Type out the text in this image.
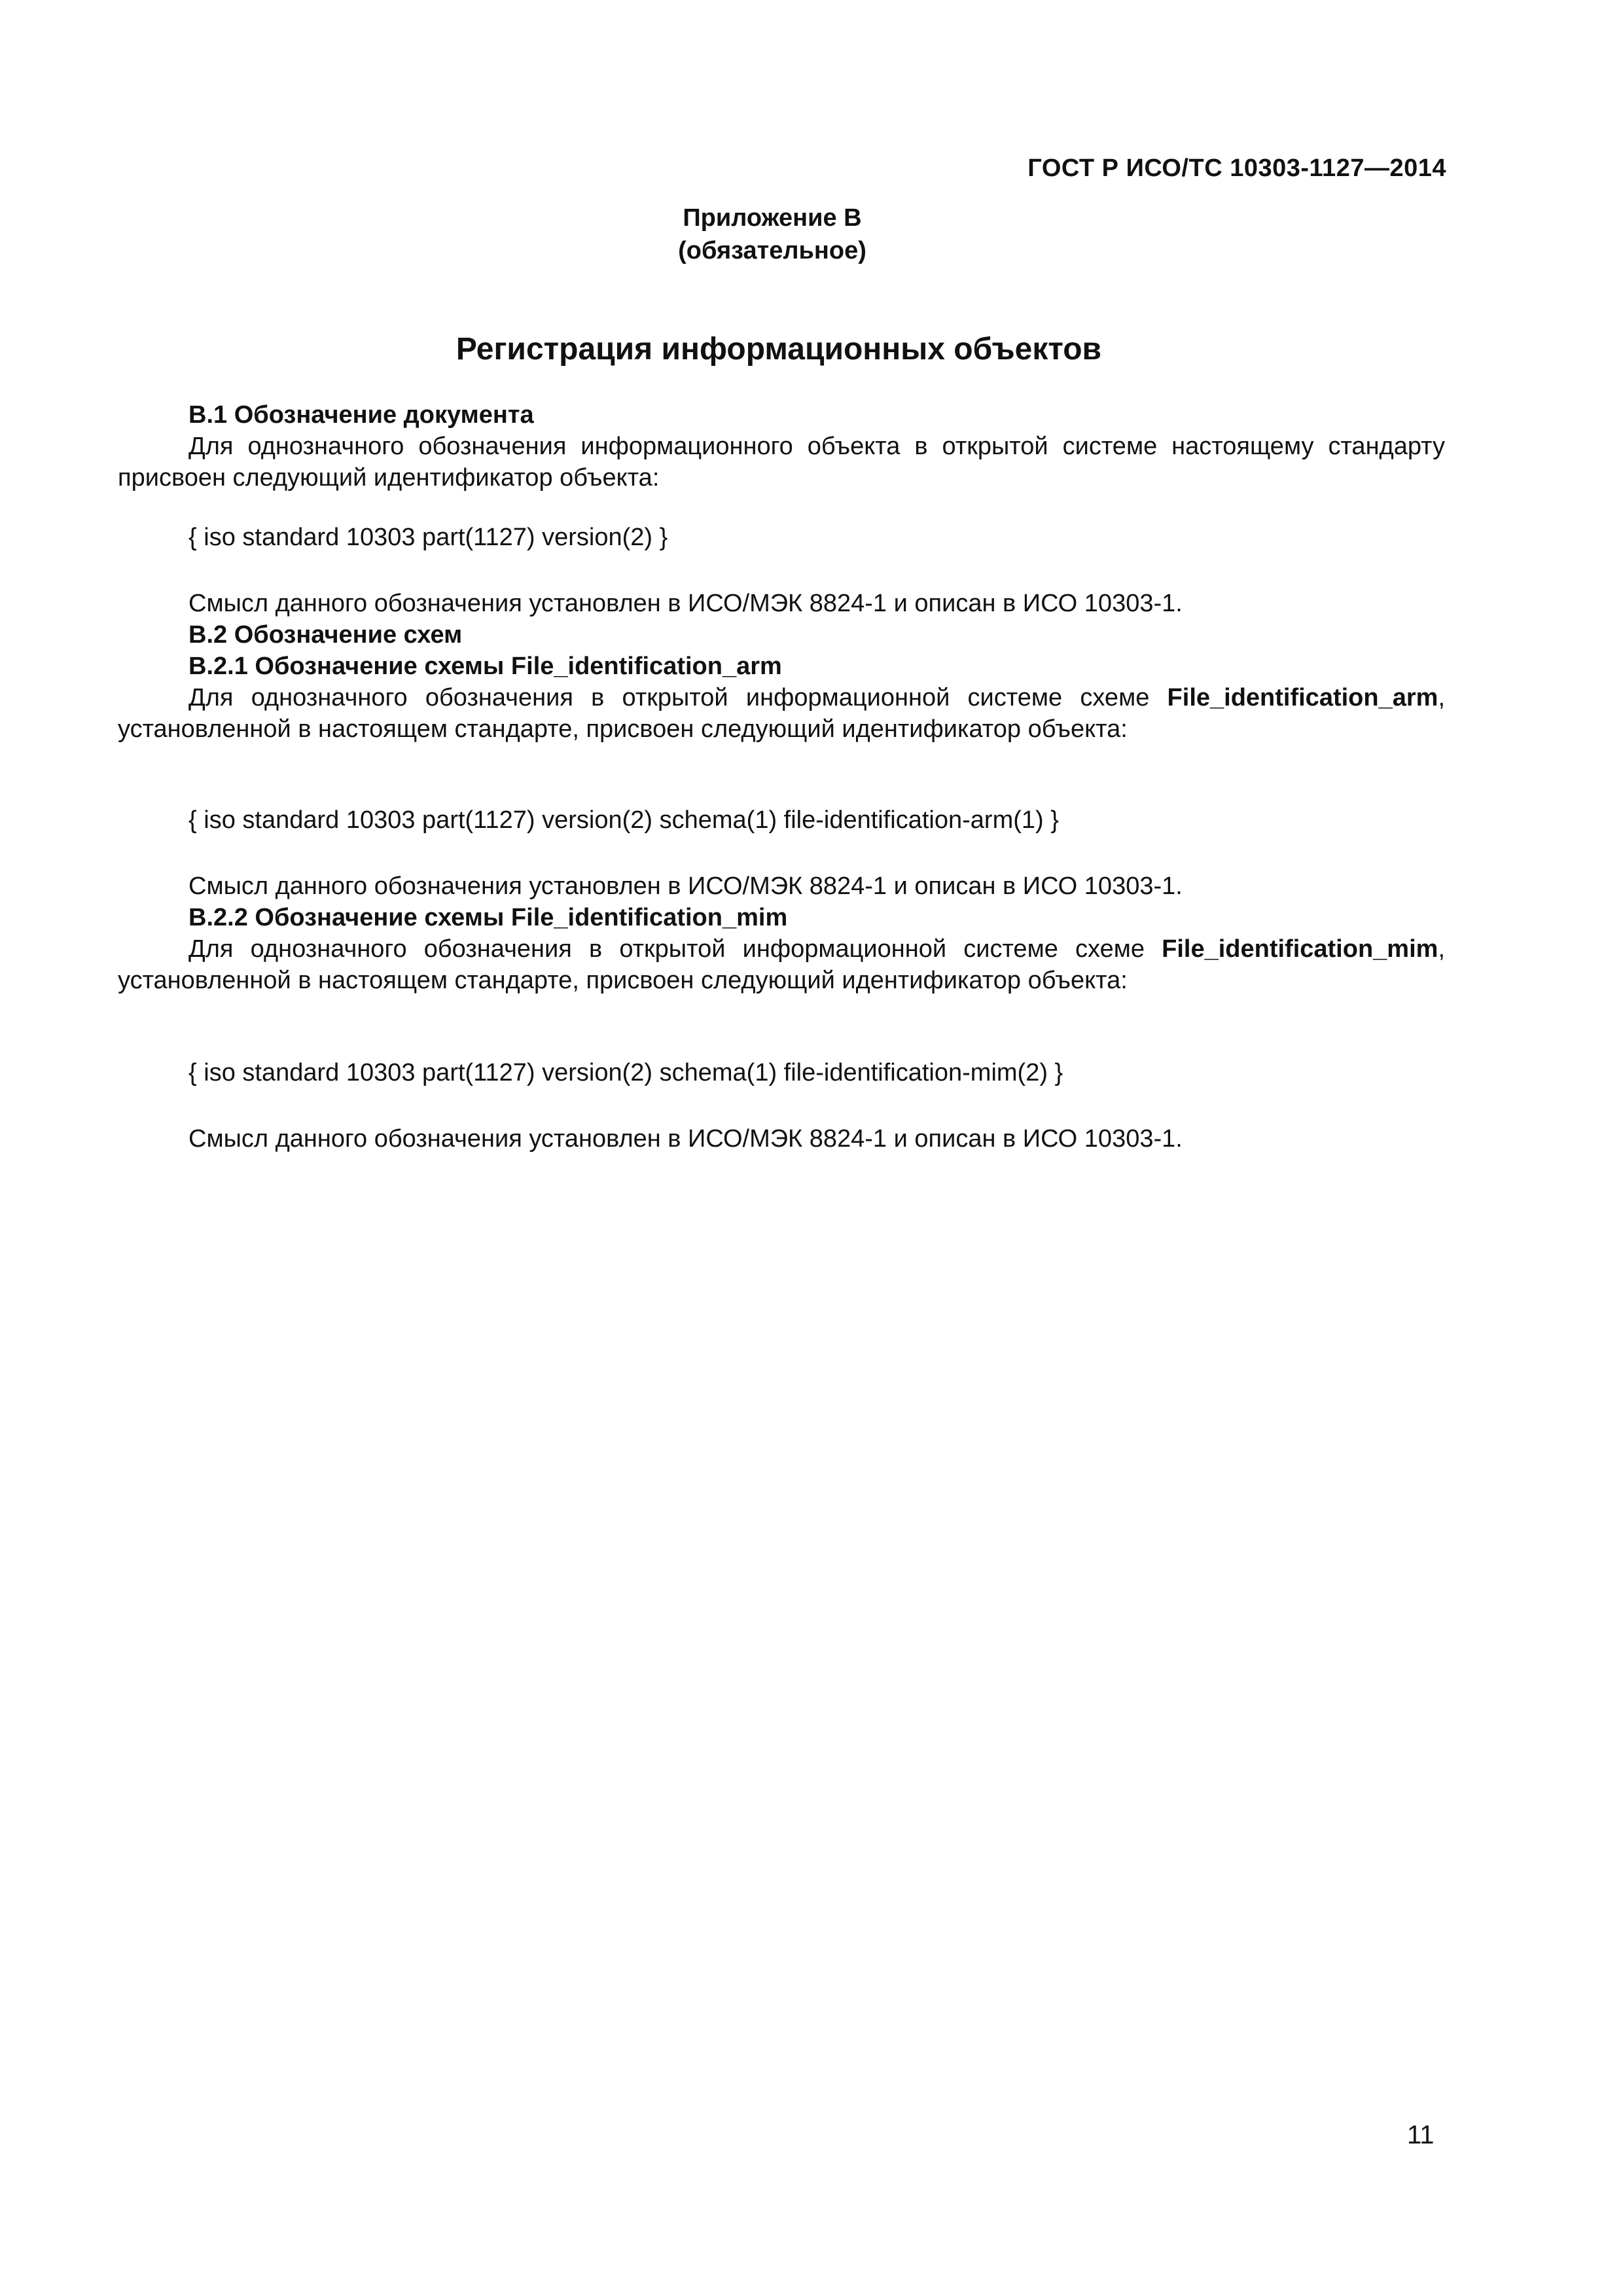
ГОСТ Р ИСО/ТС 10303-1127—2014
Приложение В
(обязательное)
Регистрация информационных объектов
В.1 Обозначение документа
Для однозначного обозначения информационного объекта в открытой системе настоящему стандарту присвоен следующий идентификатор объекта:
{ iso standard 10303 part(1127) version(2) }
Смысл данного обозначения установлен в ИСО/МЭК 8824-1 и описан в ИСО 10303-1.
В.2 Обозначение схем
В.2.1 Обозначение схемы File_identification_arm
Для однозначного обозначения в открытой информационной системе схеме File_identification_arm, установленной в настоящем стандарте, присвоен следующий идентификатор объекта:
{ iso standard 10303 part(1127) version(2) schema(1) file-identification-arm(1) }
Смысл данного обозначения установлен в ИСО/МЭК 8824-1 и описан в ИСО 10303-1.
В.2.2 Обозначение схемы File_identification_mim
Для однозначного обозначения в открытой информационной системе схеме File_identification_mim, установленной в настоящем стандарте, присвоен следующий идентификатор объекта:
{ iso standard 10303 part(1127) version(2) schema(1) file-identification-mim(2) }
Смысл данного обозначения установлен в ИСО/МЭК 8824-1 и описан в ИСО 10303-1.
11
